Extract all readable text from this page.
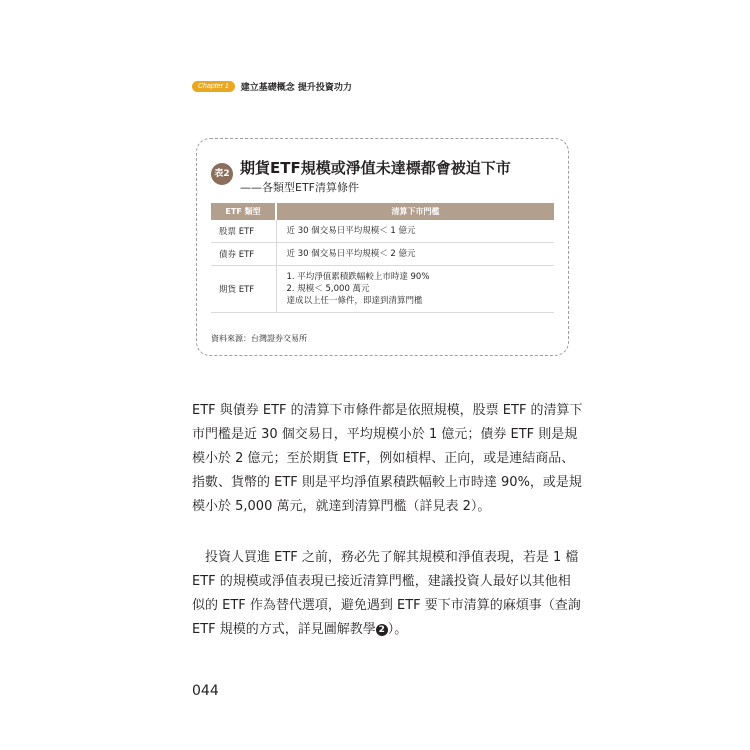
Chapter 1	建立基礎概念 提升投資功力
表2 期貨ETF規模或淨值未達標都會被迫下市
——各類型ETF清算條件
ETF 類型	清算下市門檻
股票 ETF	近 30 個交易日平均規模＜ 1 億元

債券 ETF	近 30 個交易日平均規模＜ 2 億元

期貨 ETF	1. 平均淨值累積跌幅較上市時達 90%
2. 規模＜ 5,000 萬元
達成以上任一條件，即達到清算門檻
資料來源：台灣證券交易所
ETF 與債券 ETF 的清算下市條件都是依照規模，股票 ETF 的清算下
市門檻是近 30 個交易日，平均規模小於 1 億元；債券 ETF 則是規
模小於 2 億元；至於期貨 ETF，例如槓桿、正向，或是連結商品、
指數、貨幣的 ETF 則是平均淨值累積跌幅較上市時達 90%，或是規
模小於 5,000 萬元，就達到清算門檻（詳見表 2）。
　投資人買進 ETF 之前，務必先了解其規模和淨值表現，若是 1 檔
ETF 的規模或淨值表現已接近清算門檻，建議投資人最好以其他相
似的 ETF 作為替代選項，避免遇到 ETF 要下市清算的麻煩事（查詢
ETF 規模的方式，詳見圖解教學 2 ）。
044
